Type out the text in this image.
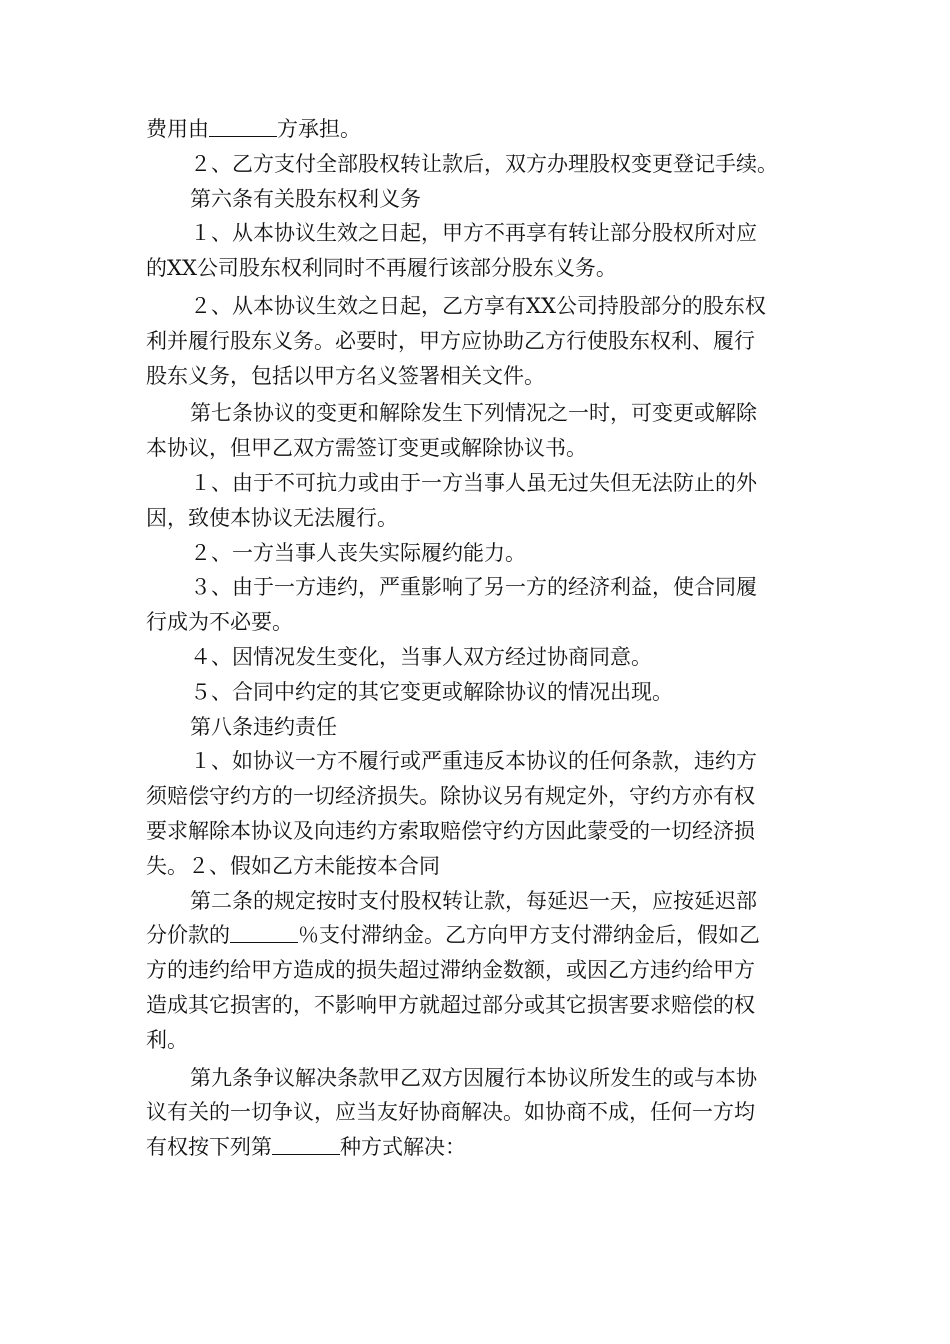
费用由	方承担。
２、乙方支付全部股权转让款后，双方办理股权变更登记手续。
第六条有关股东权利义务
１、从本协议生效之日起，甲方不再享有转让部分股权所对应
的XX公司股东权利同时不再履行该部分股东义务。
２、从本协议生效之日起，乙方享有XX公司持股部分的股东权
利并履行股东义务。必要时，甲方应协助乙方行使股东权利、履行
股东义务，包括以甲方名义签署相关文件。
第七条协议的变更和解除发生下列情况之一时，可变更或解除
本协议，但甲乙双方需签订变更或解除协议书。
１、由于不可抗力或由于一方当事人虽无过失但无法防止的外
因，致使本协议无法履行。
２、一方当事人丧失实际履约能力。
３、由于一方违约，严重影响了另一方的经济利益，使合同履
行成为不必要。
４、因情况发生变化，当事人双方经过协商同意。
５、合同中约定的其它变更或解除协议的情况出现。
第八条违约责任
１、如协议一方不履行或严重违反本协议的任何条款，违约方
须赔偿守约方的一切经济损失。除协议另有规定外，守约方亦有权
要求解除本协议及向违约方索取赔偿守约方因此蒙受的一切经济损
失。２、假如乙方未能按本合同
第二条的规定按时支付股权转让款，每延迟一天，应按延迟部
分价款的	％支付滞纳金。乙方向甲方支付滞纳金后，假如乙
方的违约给甲方造成的损失超过滞纳金数额，或因乙方违约给甲方
造成其它损害的，不影响甲方就超过部分或其它损害要求赔偿的权
利。
第九条争议解决条款甲乙双方因履行本协议所发生的或与本协
议有关的一切争议，应当友好协商解决。如协商不成，任何一方均
有权按下列第	种方式解决：
